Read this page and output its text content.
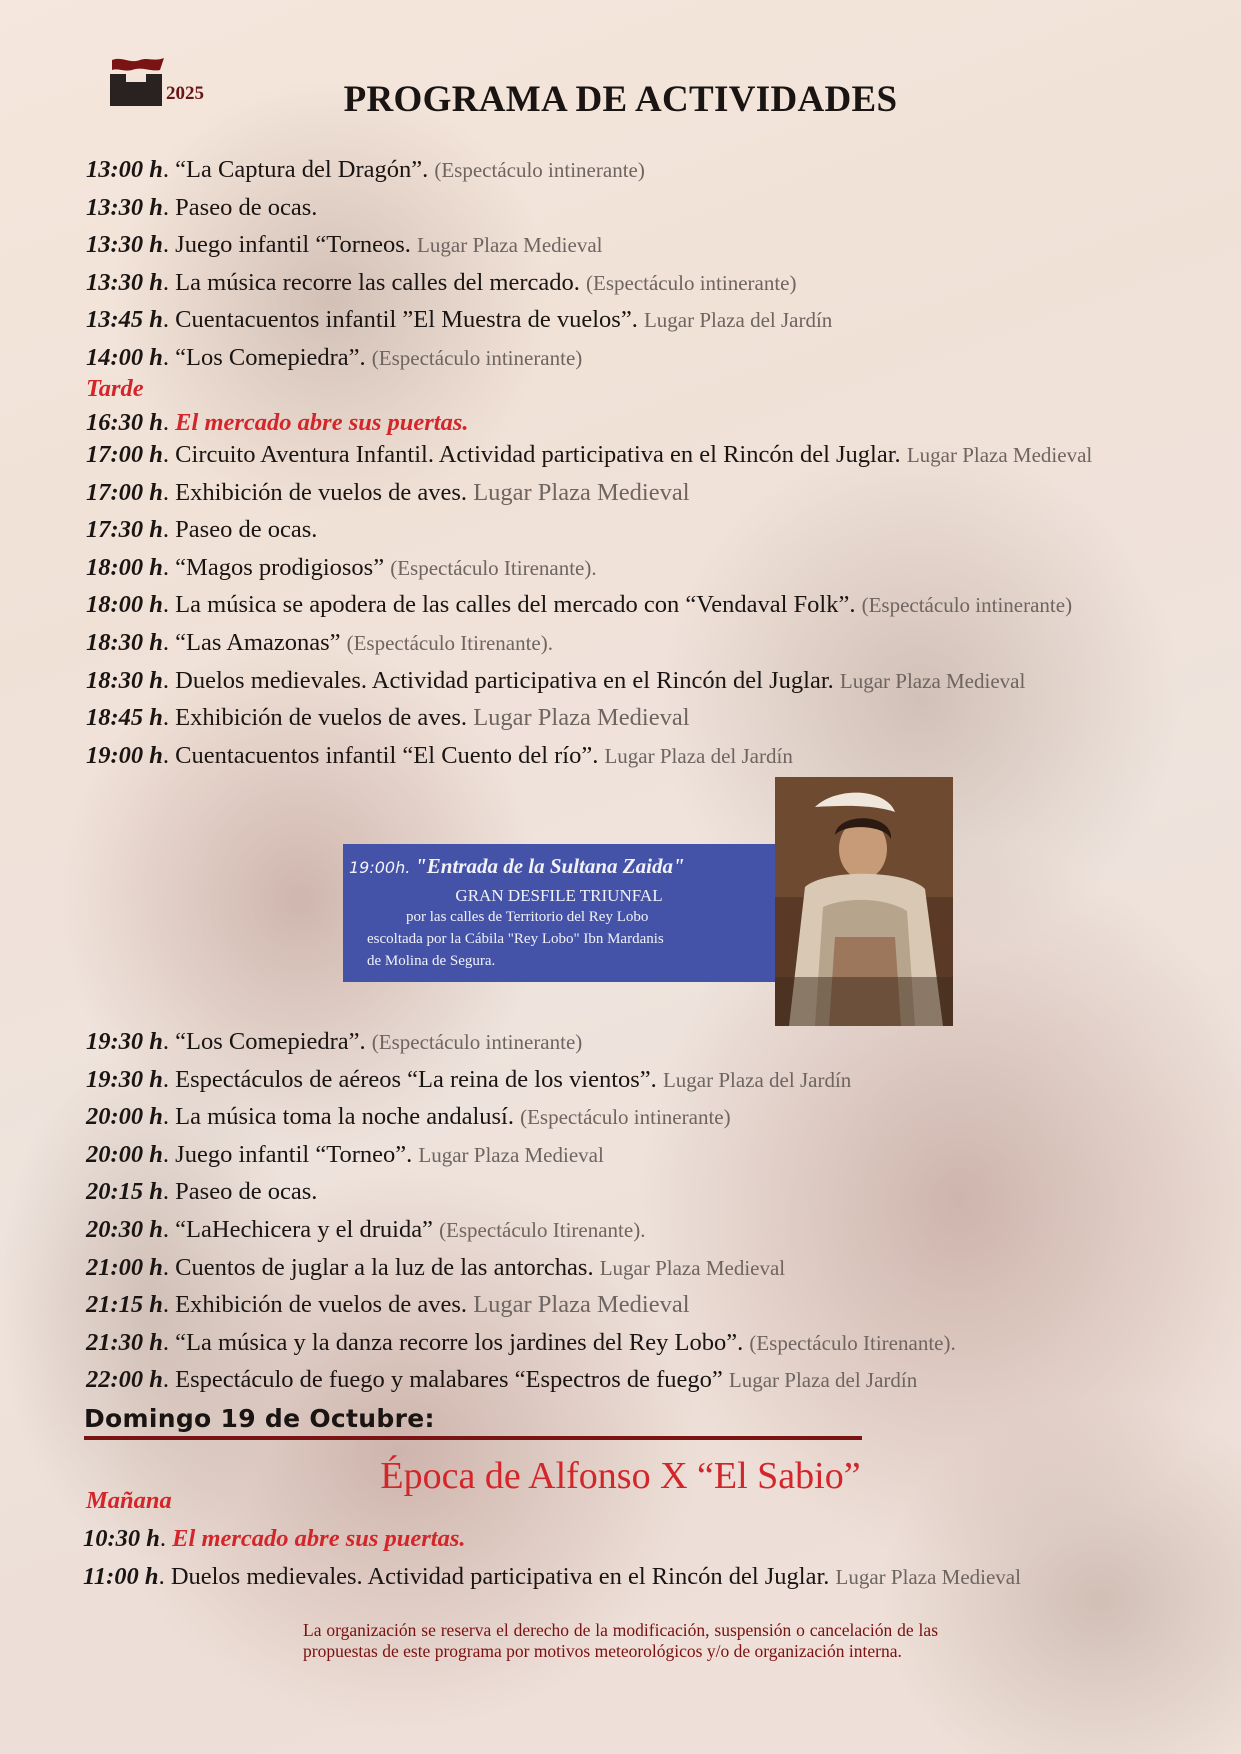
2025	PROGRAMA DE ACTIVIDADES
13:00 h. “La Captura del Dragón”. (Espectáculo intinerante)
13:30 h. Paseo de ocas.
13:30 h. Juego infantil “Torneos. Lugar Plaza Medieval
13:30 h. La música recorre las calles del mercado. (Espectáculo intinerante)
13:45 h. Cuentacuentos infantil ”El Muestra de vuelos”. Lugar Plaza del Jardín
14:00 h. “Los Comepiedra”. (Espectáculo intinerante)
Tarde
16:30 h. El mercado abre sus puertas.
17:00 h. Circuito Aventura Infantil. Actividad participativa en el Rincón del Juglar. Lugar Plaza Medieval
17:00 h. Exhibición de vuelos de aves. Lugar Plaza Medieval
17:30 h. Paseo de ocas.
18:00 h. “Magos prodigiosos” (Espectáculo Itirenante).
18:00 h. La música se apodera de las calles del mercado con “Vendaval Folk”. (Espectáculo intinerante)
18:30 h. “Las Amazonas” (Espectáculo Itirenante).
18:30 h. Duelos medievales. Actividad participativa en el Rincón del Juglar. Lugar Plaza Medieval
18:45 h. Exhibición de vuelos de aves. Lugar Plaza Medieval
19:00 h. Cuentacuentos infantil “El Cuento del río”. Lugar Plaza del Jardín
19:00h. "Entrada de la Sultana Zaida"
GRAN DESFILE TRIUNFAL
por las calles de Territorio del Rey Lobo
escoltada por la Cábila "Rey Lobo" Ibn Mardanis
de Molina de Segura.
19:30 h. “Los Comepiedra”. (Espectáculo intinerante)
19:30 h. Espectáculos de aéreos “La reina de los vientos”. Lugar Plaza del Jardín
20:00 h. La música toma la noche andalusí. (Espectáculo intinerante)
20:00 h. Juego infantil “Torneo”. Lugar Plaza Medieval
20:15 h. Paseo de ocas.
20:30 h. “LaHechicera y el druida” (Espectáculo Itirenante).
21:00 h. Cuentos de juglar a la luz de las antorchas. Lugar Plaza Medieval
21:15 h. Exhibición de vuelos de aves. Lugar Plaza Medieval
21:30 h. “La música y la danza recorre los jardines del Rey Lobo”. (Espectáculo Itirenante).
22:00 h. Espectáculo de fuego y malabares “Espectros de fuego” Lugar Plaza del Jardín
Domingo 19 de Octubre:
Época de Alfonso X “El Sabio”
Mañana
10:30 h. El mercado abre sus puertas.
11:00 h. Duelos medievales. Actividad participativa en el Rincón del Juglar. Lugar Plaza Medieval
La organización se reserva el derecho de la modificación, suspensión o cancelación de las propuestas de este programa por motivos meteorológicos y/o de organización interna.
